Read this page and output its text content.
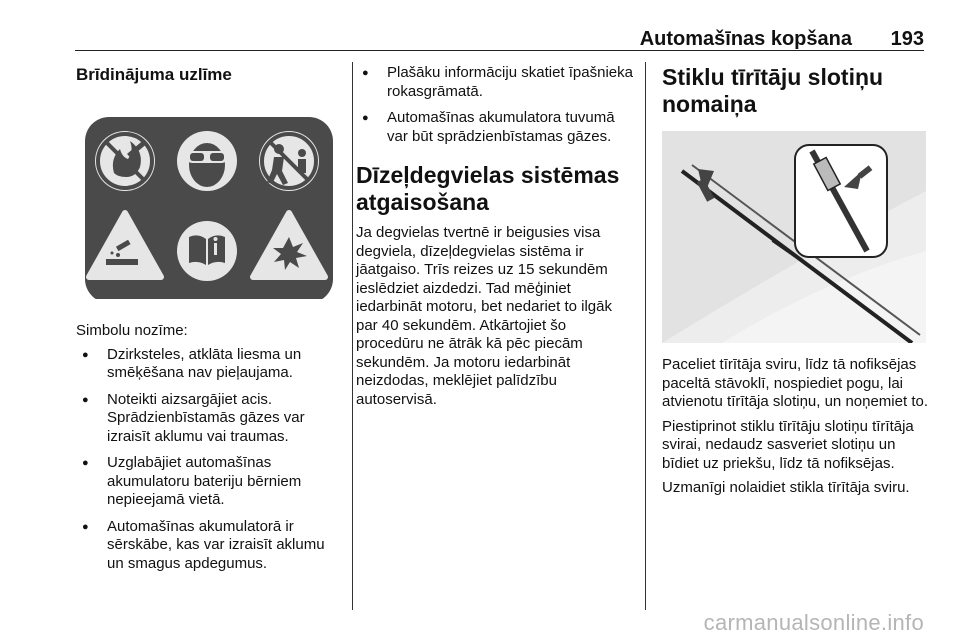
Automašīnas kopšana 193
Brīdinājuma uzlīme

Simbolu nozīme:

● Dzirksteles, atklāta liesma un smēķēšana nav pieļaujama.
● Noteikti aizsargājiet acis. Sprādzienbīstamās gāzes var izraisīt aklumu vai traumas.
● Uzglabājiet automašīnas akumulatoru bateriju bērniem nepieejamā vietā.
● Automašīnas akumulatorā ir sērskābe, kas var izraisīt aklumu un smagus apdegumus.
● Plašāku informāciju skatiet īpašnieka rokasgrāmatā.
● Automašīnas akumulatora tuvumā var būt sprādzienbīstamas gāzes.
Dīzeļdegvielas sistēmas atgaisošana

Ja degvielas tvertnē ir beigusies visa degviela, dīzeļdegvielas sistēma ir jāatgaiso. Trīs reizes uz 15 sekundēm ieslēdziet aizdedzi. Tad mēģiniet iedarbināt motoru, bet nedariet to ilgāk par 40 sekundēm. Atkārtojiet šo procedūru ne ātrāk kā pēc piecām sekundēm. Ja motoru iedarbināt neizdodas, meklējiet palīdzību autoservisā.

Stiklu tīrītāju slotiņu nomaiņa

Paceliet tīrītāja sviru, līdz tā nofiksējas paceltā stāvoklī, nospiediet pogu, lai atvienotu tīrītāja slotiņu, un noņemiet to.

Piestiprinot stiklu tīrītāju slotiņu tīrītāja svirai, nedaudz sasveriet slotiņu un bīdiet uz priekšu, līdz tā nofiksējas.

Uzmanīgi nolaidiet stikla tīrītāja sviru.

carmanualsonline.info
